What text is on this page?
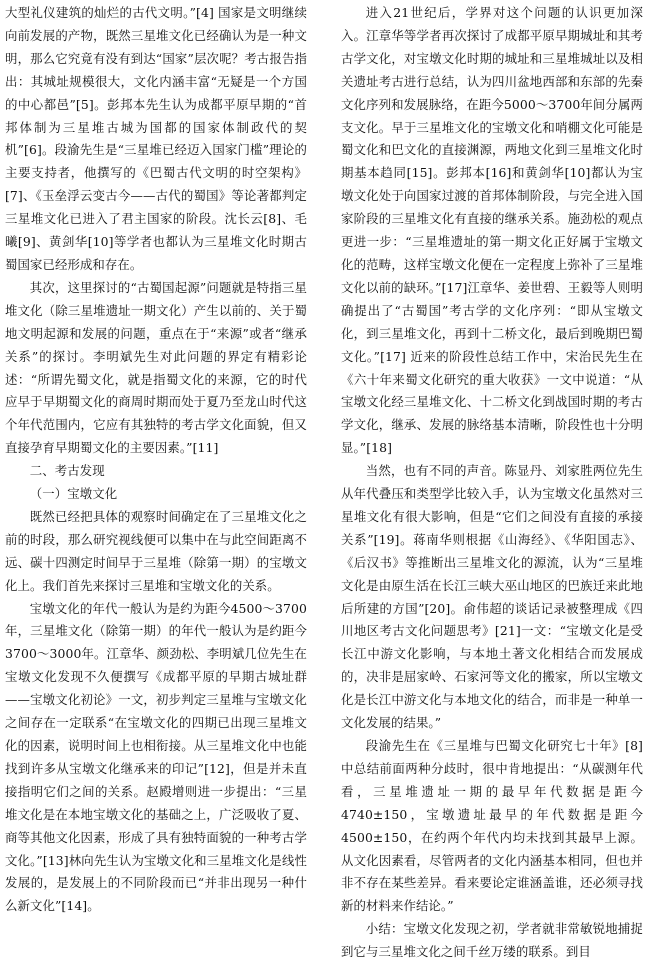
大型礼仪建筑的灿烂的古代文明。”[4] 国家是文明继续向前发展的产物，既然三星堆文化已经确认为是一种文明，那么它究竟有没有到达“国家”层次呢？考古报告指出：其城址规模很大，文化内涵丰富“无疑是一个方国的中心都邑”[5]。彭邦本先生认为成都平原早期的“首邦体制为三星堆古城为国都的国家体制政代的契机”[6]。段渝先生是“三星堆已经迈入国家门槛”理论的主要支持者，他撰写的《巴蜀古代文明的时空架构》[7]、《玉垒浮云变古今——古代的蜀国》等论著都判定三星堆文化已进入了君主国家的阶段。沈长云[8]、毛曦[9]、黄剑华[10]等学者也都认为三星堆文化时期古蜀国家已经形成和存在。

其次，这里探讨的“古蜀国起源”问题就是特指三星堆文化（除三星堆遗址一期文化）产生以前的、关于蜀地文明起源和发展的问题，重点在于“来源”或者“继承关系”的探讨。李明斌先生对此问题的界定有精彩论述：“所谓先蜀文化，就是指蜀文化的来源，它的时代应早于早期蜀文化的商周时期而处于夏乃至龙山时代这个年代范围内，它应有其独特的考古学文化面貌，但又直接孕育早期蜀文化的主要因素。”[11]

二、考古发现
（一）宝墩文化

既然已经把具体的观察时间确定在了三星堆文化之前的时段，那么研究视线便可以集中在与此空间距离不远、碳十四测定时间早于三星堆（除第一期）的宝墩文化上。我们首先来探讨三星堆和宝墩文化的关系。

宝墩文化的年代一般认为是约为距今4500～3700年，三星堆文化（除第一期）的年代一般认为是约距今3700～3000年。江章华、颜劲松、李明斌几位先生在宝墩文化发现不久便撰写《成都平原的早期古城址群——宝墩文化初论》一文，初步判定三星堆与宝墩文化之间存在一定联系“在宝墩文化的四期已出现三星堆文化的因素，说明时间上也相衔接。从三星堆文化中也能找到许多从宝墩文化继承来的印记”[12]，但是并未直接指明它们之间的关系。赵殿增则进一步提出：“三星堆文化是在本地宝墩文化的基础之上，广泛吸收了夏、商等其他文化因素，形成了具有独特面貌的一种考古学文化。”[13]林向先生认为宝墩文化和三星堆文化是线性发展的，是发展上的不同阶段而已“并非出现另一种什么新文化”[14]。

进入21世纪后，学界对这个问题的认识更加深入。江章华等学者再次探讨了成都平原早期城址和其考古学文化，对宝墩文化时期的城址和三星堆城址以及相关遗址考古进行总结，认为四川盆地西部和东部的先秦文化序列和发展脉络，在距今5000～3700年间分属两支文化。早于三星堆文化的宝墩文化和哨棚文化可能是蜀文化和巴文化的直接渊源，两地文化到三星堆文化时期基本趋同[15]。彭邦本[16]和黄剑华[10]都认为宝墩文化处于向国家过渡的首邦体制阶段，与完全进入国家阶段的三星堆文化有直接的继承关系。施劲松的观点更进一步：“三星堆遗址的第一期文化正好属于宝墩文化的范畴，这样宝墩文化便在一定程度上弥补了三星堆文化以前的缺环。”[17]江章华、姜世碧、王毅等人则明确提出了“古蜀国”考古学的文化序列：“即从宝墩文化，到三星堆文化，再到十二桥文化，最后到晚期巴蜀文化。”[17] 近来的阶段性总结工作中，宋治民先生在《六十年来蜀文化研究的重大收获》一文中说道：“从宝墩文化经三星堆文化、十二桥文化到战国时期的考古学文化，继承、发展的脉络基本清晰，阶段性也十分明显。”[18]

当然，也有不同的声音。陈显丹、刘家胜两位先生从年代叠压和类型学比较入手，认为宝墩文化虽然对三星堆文化有很大影响，但是“它们之间没有直接的承接关系”[19]。蒋南华则根据《山海经》、《华阳国志》、《后汉书》等推断出三星堆文化的源流，认为“三星堆文化是由原生活在长江三峡大巫山地区的巴族迁来此地后所建的方国”[20]。俞伟超的谈话记录被整理成《四川地区考古文化问题思考》[21]一文：“宝墩文化是受长江中游文化影响，与本地土著文化相结合而发展成的，决非是屈家岭、石家河等文化的搬家，所以宝墩文化是长江中游文化与本地文化的结合，而非是一种单一文化发展的结果。”

段渝先生在《三星堆与巴蜀文化研究七十年》[8]中总结前面两种分歧时，很中肯地提出：“从碳测年代看，三星堆遗址一期的最早年代数据是距今4740±150，宝墩遗址最早的年代数据是距今4500±150，在约两个年代内均未找到其最早上源。从文化因素看，尽管两者的文化内涵基本相同，但也并非不存在某些差异。看来要论定谁涵盖谁，还必须寻找新的材料来作结论。”

小结：宝墩文化发现之初，学者就非常敏锐地捕捉到它与三星堆文化之间千丝万缕的联系。到目
